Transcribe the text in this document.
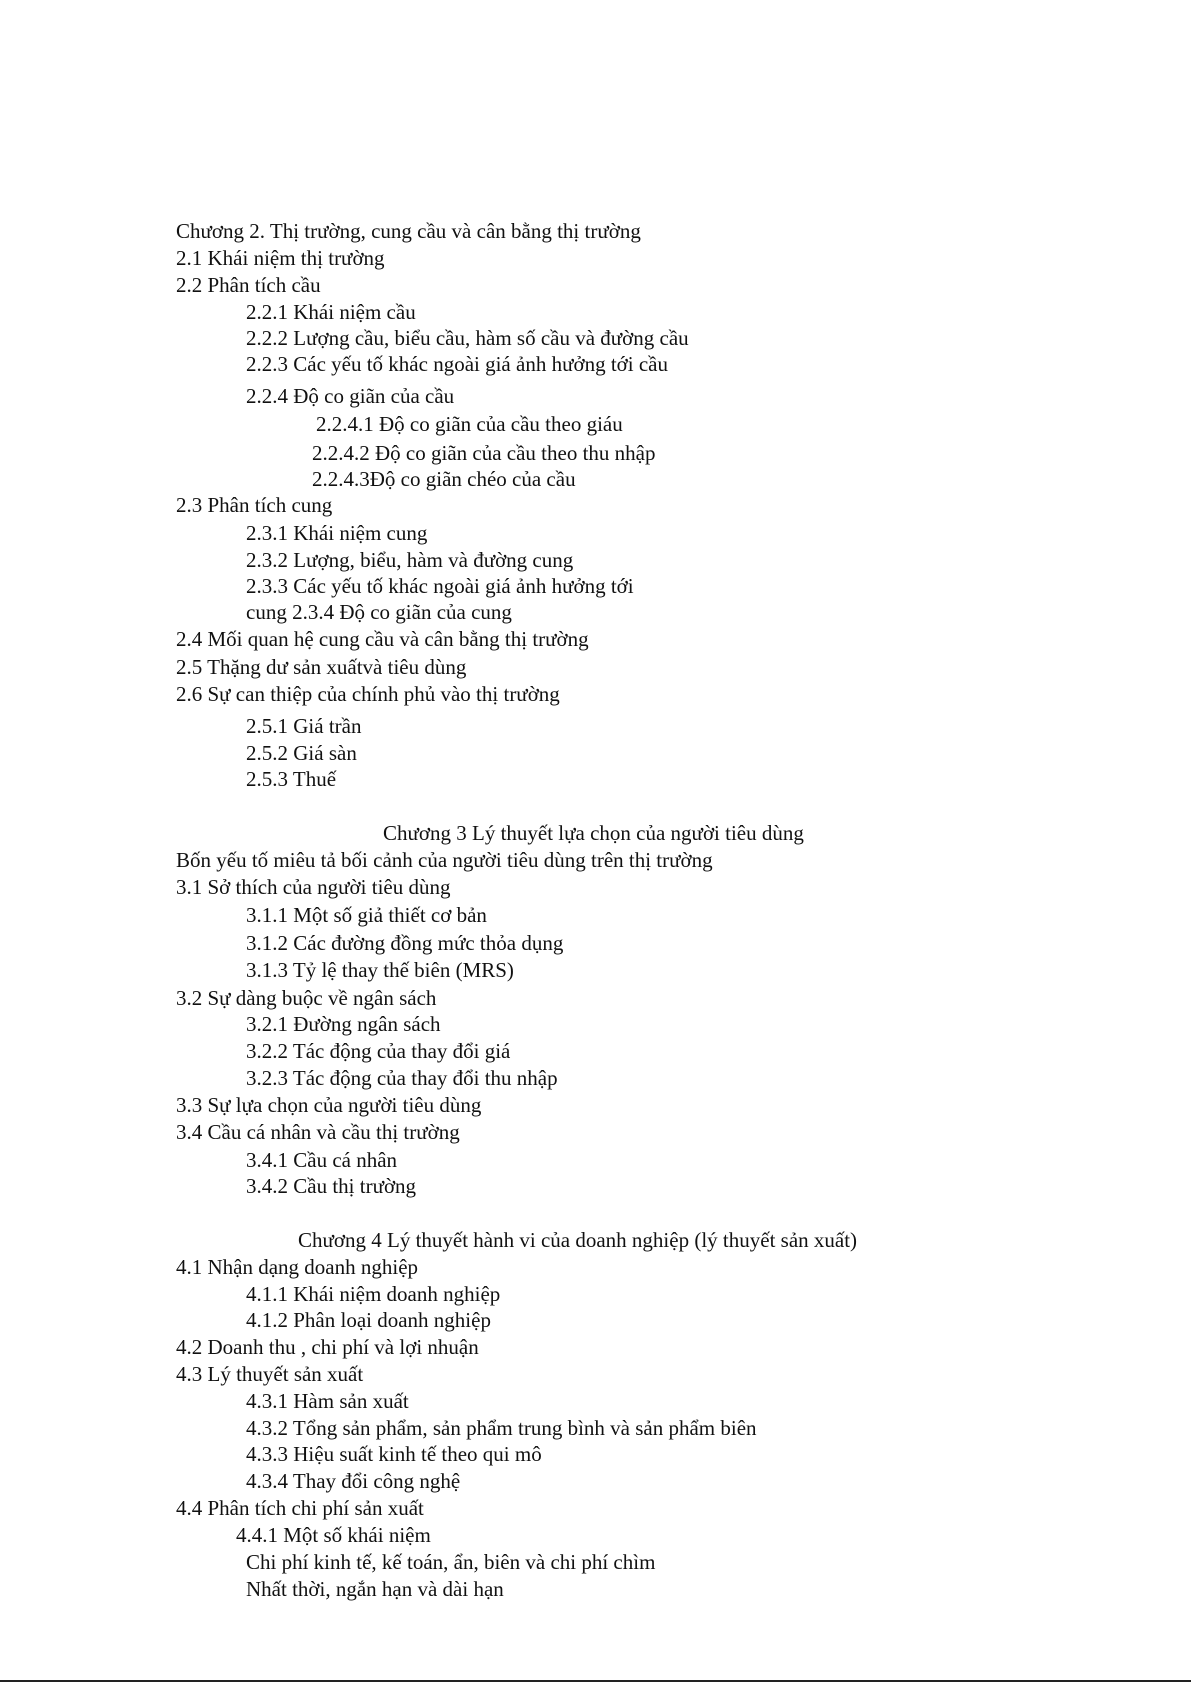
Chương 2. Thị trường, cung cầu và cân bằng thị trường

2.1 Khái niệm thị trường

2.2 Phân tích cầu

2.2.1 Khái niệm cầu

2.2.2 Lượng cầu, biểu cầu, hàm số cầu và đường cầu

2.2.3 Các yếu tố khác ngoài giá ảnh hưởng tới cầu

2.2.4 Độ co giãn của cầu

2.2.4.1 Độ co giãn của cầu theo giáu

2.2.4.2 Độ co giãn của cầu theo thu nhập

2.2.4.3Độ co giãn chéo của cầu

2.3 Phân tích cung

2.3.1 Khái niệm cung

2.3.2 Lượng, biểu, hàm và đường cung

2.3.3 Các yếu tố khác ngoài giá ảnh hưởng tới

cung 2.3.4 Độ co giãn của cung

2.4 Mối quan hệ cung cầu và cân bằng thị trường

2.5 Thặng dư sản xuấtvà tiêu dùng

2.6 Sự can thiệp của chính phủ vào thị trường

2.5.1 Giá trần

2.5.2 Giá sàn

2.5.3 Thuế

Chương 3 Lý thuyết lựa chọn của người tiêu dùng

Bốn yếu tố miêu tả bối cảnh của người tiêu dùng trên thị trường

3.1 Sở thích của người tiêu dùng

3.1.1 Một số giả thiết cơ bản

3.1.2 Các đường đồng mức thỏa dụng

3.1.3 Tỷ lệ thay thế biên (MRS)

3.2 Sự dàng buộc về ngân sách

3.2.1 Đường ngân sách

3.2.2 Tác động của thay đổi giá

3.2.3 Tác động của thay đổi thu nhập

3.3 Sự lựa chọn của người tiêu dùng

3.4 Cầu cá nhân và cầu thị trường

3.4.1 Cầu cá nhân

3.4.2 Cầu thị trường

Chương 4 Lý thuyết hành vi của doanh nghiệp (lý thuyết sản xuất)

4.1 Nhận dạng doanh nghiệp

4.1.1 Khái niệm doanh nghiệp

4.1.2 Phân loại doanh nghiệp

4.2 Doanh thu , chi phí và lợi nhuận

4.3 Lý thuyết sản xuất

4.3.1 Hàm sản xuất

4.3.2 Tổng sản phẩm, sản phẩm trung bình và sản phẩm biên

4.3.3 Hiệu suất kinh tế theo qui mô

4.3.4 Thay đổi công nghệ

4.4 Phân tích chi phí sản xuất

4.4.1 Một số khái niệm

Chi phí kinh tế, kế toán, ẩn, biên và chi phí chìm

Nhất thời, ngắn hạn và dài hạn
